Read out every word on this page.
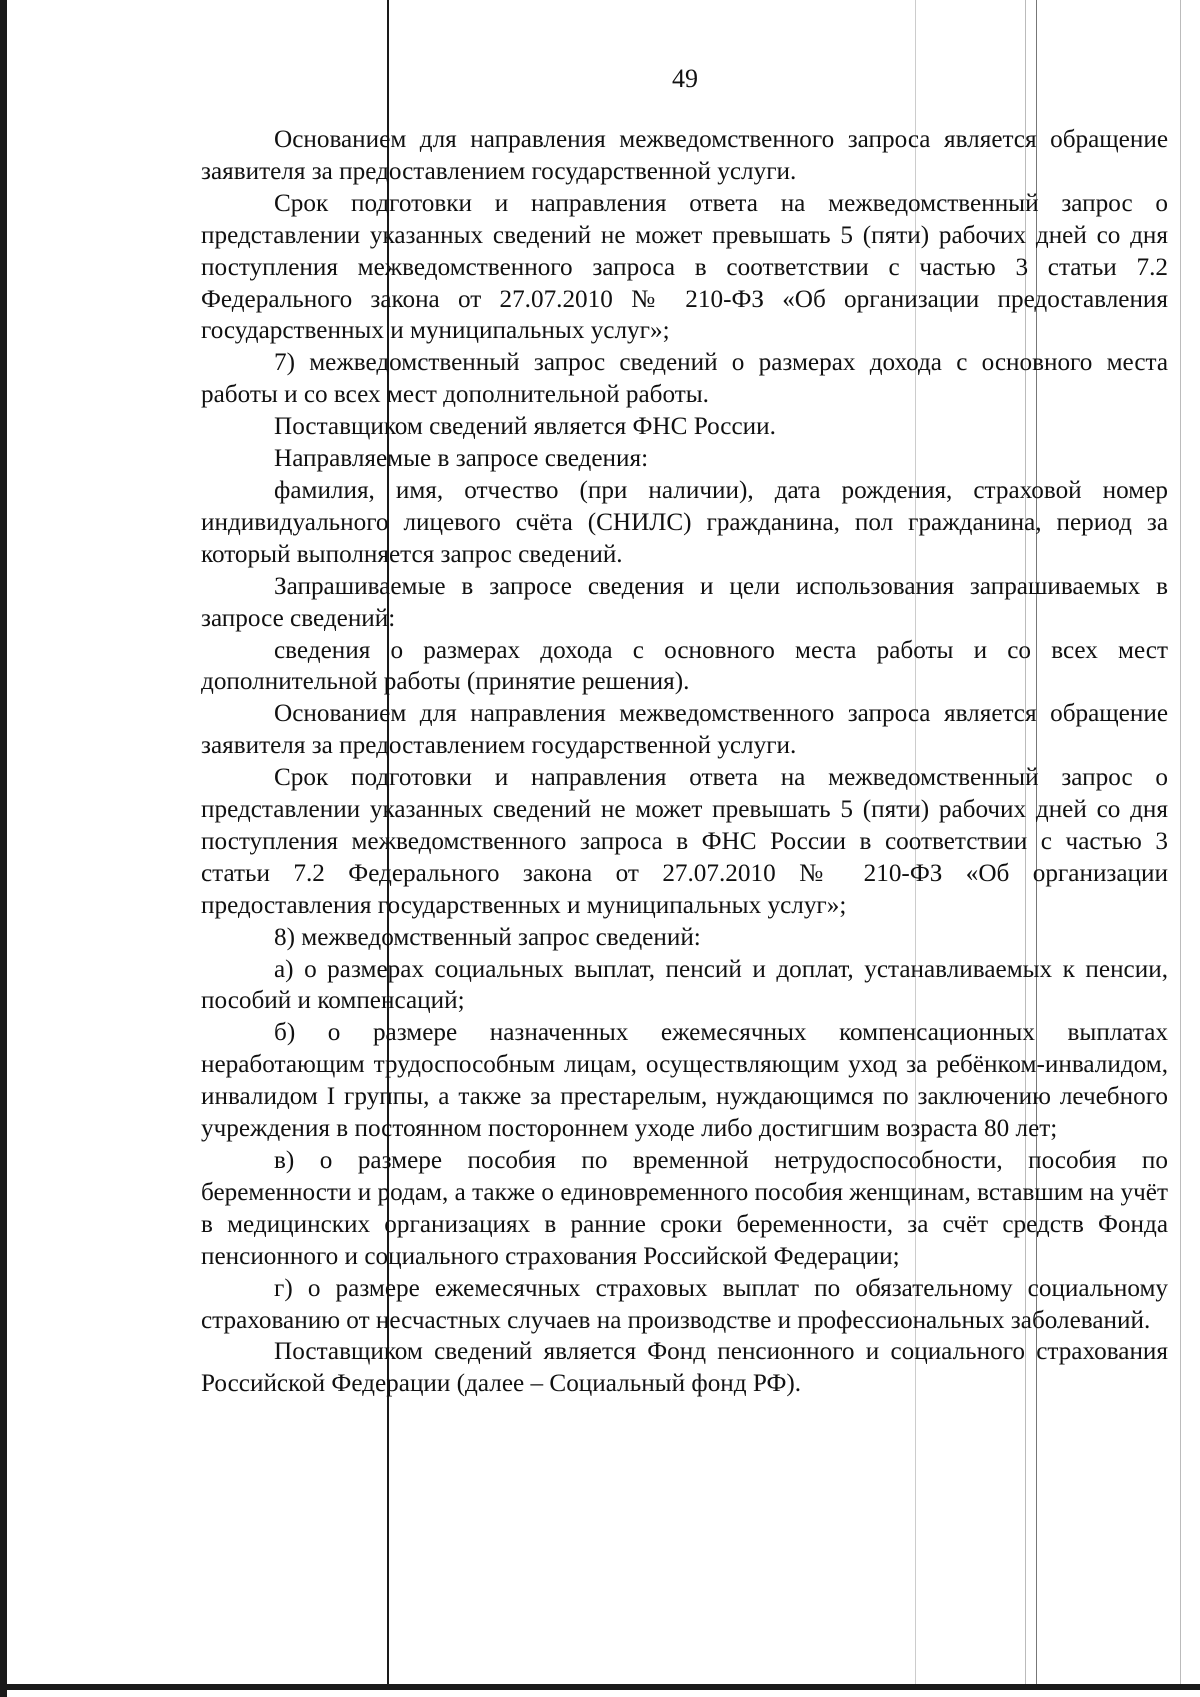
49

Основанием для направления межведомственного запроса является обращение заявителя за предоставлением государственной услуги.

Срок подготовки и направления ответа на межведомственный запрос о представлении указанных сведений не может превышать 5 (пяти) рабочих дней со дня поступления межведомственного запроса в соответствии с частью 3 статьи 7.2 Федерального закона от 27.07.2010 № 210-ФЗ «Об организации предоставления государственных и муниципальных услуг»;

7) межведомственный запрос сведений о размерах дохода с основного места работы и со всех мест дополнительной работы.

Поставщиком сведений является ФНС России.

Направляемые в запросе сведения:

фамилия, имя, отчество (при наличии), дата рождения, страховой номер индивидуального лицевого счёта (СНИЛС) гражданина, пол гражданина, период за который выполняется запрос сведений.

Запрашиваемые в запросе сведения и цели использования запрашиваемых в запросе сведений:

сведения о размерах дохода с основного места работы и со всех мест дополнительной работы (принятие решения).

Основанием для направления межведомственного запроса является обращение заявителя за предоставлением государственной услуги.

Срок подготовки и направления ответа на межведомственный запрос о представлении указанных сведений не может превышать 5 (пяти) рабочих дней со дня поступления межведомственного запроса в ФНС России в соответствии с частью 3 статьи 7.2 Федерального закона от 27.07.2010 № 210-ФЗ «Об организации предоставления государственных и муниципальных услуг»;

8) межведомственный запрос сведений:

а) о размерах социальных выплат, пенсий и доплат, устанавливаемых к пенсии, пособий и компенсаций;

б) о размере назначенных ежемесячных компенсационных выплатах неработающим трудоспособным лицам, осуществляющим уход за ребёнком-инвалидом, инвалидом I группы, а также за престарелым, нуждающимся по заключению лечебного учреждения в постоянном постороннем уходе либо достигшим возраста 80 лет;

в) о размере пособия по временной нетрудоспособности, пособия по беременности и родам, а также о единовременного пособия женщинам, вставшим на учёт в медицинских организациях в ранние сроки беременности, за счёт средств Фонда пенсионного и социального страхования Российской Федерации;

г) о размере ежемесячных страховых выплат по обязательному социальному страхованию от несчастных случаев на производстве и профессиональных заболеваний.

Поставщиком сведений является Фонд пенсионного и социального страхования Российской Федерации (далее – Социальный фонд РФ).
